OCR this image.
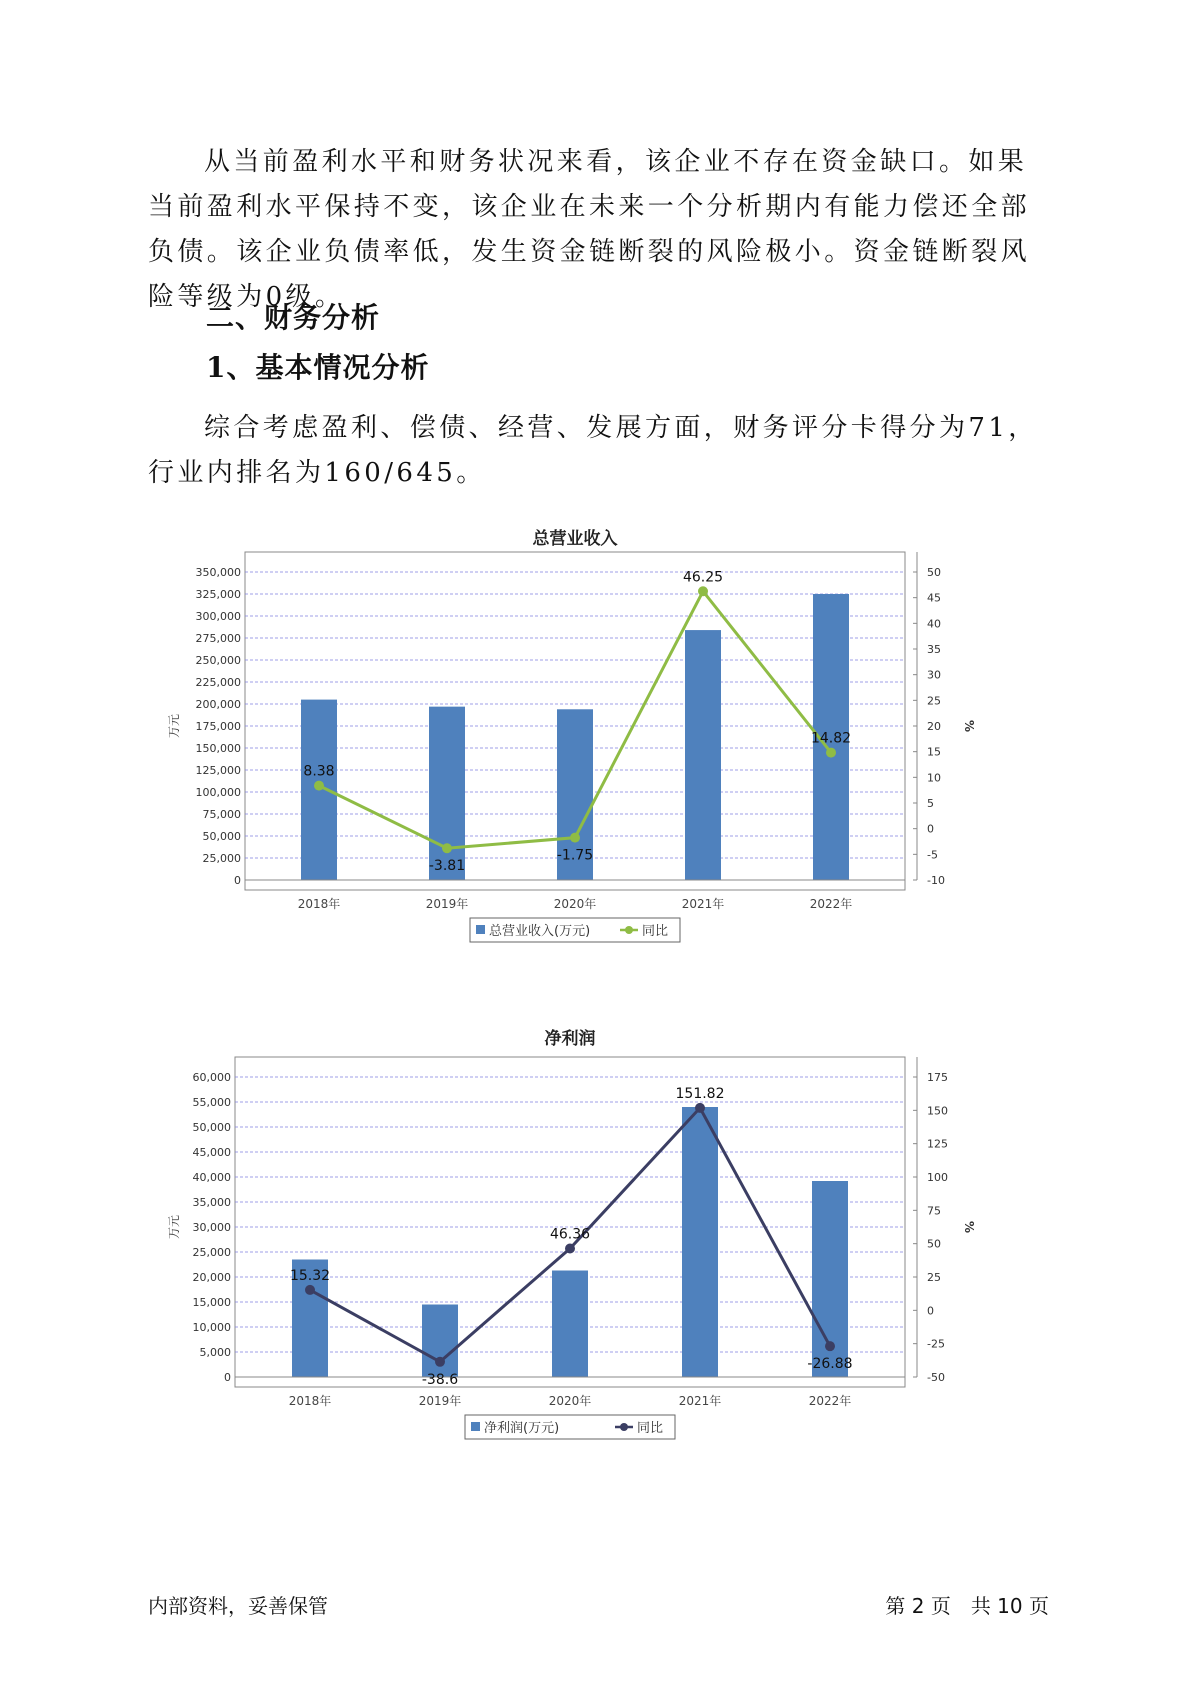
从当前盈利水平和财务状况来看，该企业不存在资金缺口。如果当前盈利水平保持不变，该企业在未来一个分析期内有能力偿还全部负债。该企业负债率低，发生资金链断裂的风险极小。资金链断裂风险等级为0级。

二、财务分析
1、基本情况分析

综合考虑盈利、偿债、经营、发展方面，财务评分卡得分为71，行业内排名为160/645。

总营业收入
0
25,000
50,000
75,000
100,000
125,000
150,000
175,000
200,000
225,000
250,000
275,000
300,000
325,000
350,000
-10
-5
0
5
10
15
20
25
30
35
40
45
50
万元	%
2018年	2019年	2020年	2021年	2022年
8.38
-3.81
-1.75
46.25
14.82
总营业收入(万元)	同比
净利润
0
5,000
10,000
15,000
20,000
25,000
30,000
35,000
40,000
45,000
50,000
55,000
60,000
-50
-25
0
25
50
75
100
125
150
175
万元	%
2018年	2019年	2020年	2021年	2022年
15.32
-38.6
46.36
151.82
-26.88
净利润(万元)	同比
内部资料，妥善保管	第 2 页　共 10 页
